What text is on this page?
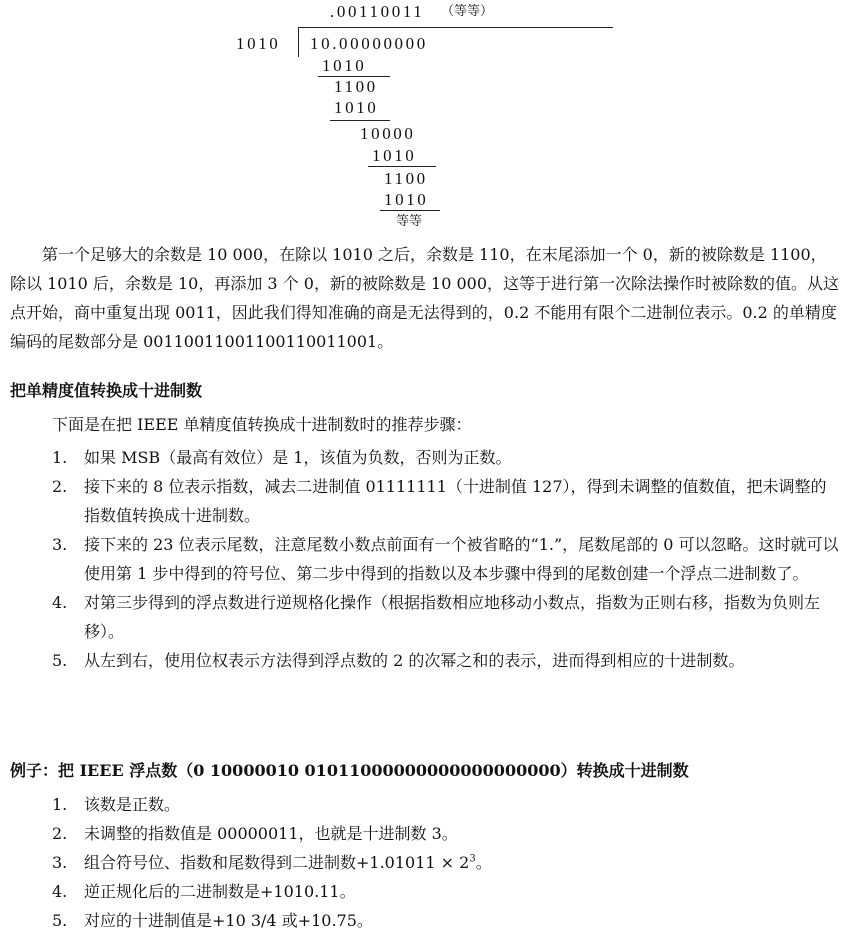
.00110011 （等等）
1010 10.00000000
1010
1100
1010
10000
1010
1100
1010
等等

第一个足够大的余数是 10 000，在除以 1010 之后，余数是 110，在末尾添加一个 0，新的被除数是 1100，除以 1010 后，余数是 10，再添加 3 个 0，新的被除数是 10 000，这等于进行第一次除法操作时被除数的值。从这点开始，商中重复出现 0011，因此我们得知准确的商是无法得到的，0.2 不能用有限个二进制位表示。0.2 的单精度编码的尾数部分是 00110011001100110011001。

把单精度值转换成十进制数

下面是在把 IEEE 单精度值转换成十进制数时的推荐步骤：

1. 如果 MSB（最高有效位）是 1，该值为负数，否则为正数。
2. 接下来的 8 位表示指数，减去二进制值 01111111（十进制值 127），得到未调整的值数值，把未调整的指数值转换成十进制数。
3. 接下来的 23 位表示尾数，注意尾数小数点前面有一个被省略的“1.”，尾数尾部的 0 可以忽略。这时就可以使用第 1 步中得到的符号位、第二步中得到的指数以及本步骤中得到的尾数创建一个浮点二进制数了。
4. 对第三步得到的浮点数进行逆规格化操作（根据指数相应地移动小数点，指数为正则右移，指数为负则左移）。
5. 从左到右，使用位权表示方法得到浮点数的 2 的次幂之和的表示，进而得到相应的十进制数。

例子：把 IEEE 浮点数（0 10000010 01011000000000000000000）转换成十进制数

1. 该数是正数。
2. 未调整的指数值是 00000011，也就是十进制数 3。
3. 组合符号位、指数和尾数得到二进制数$+1.01011 \times 2^3$。
4. 逆正规化后的二进制数是+1010.11。
5. 对应的十进制值是+10 3/4 或+10.75。
